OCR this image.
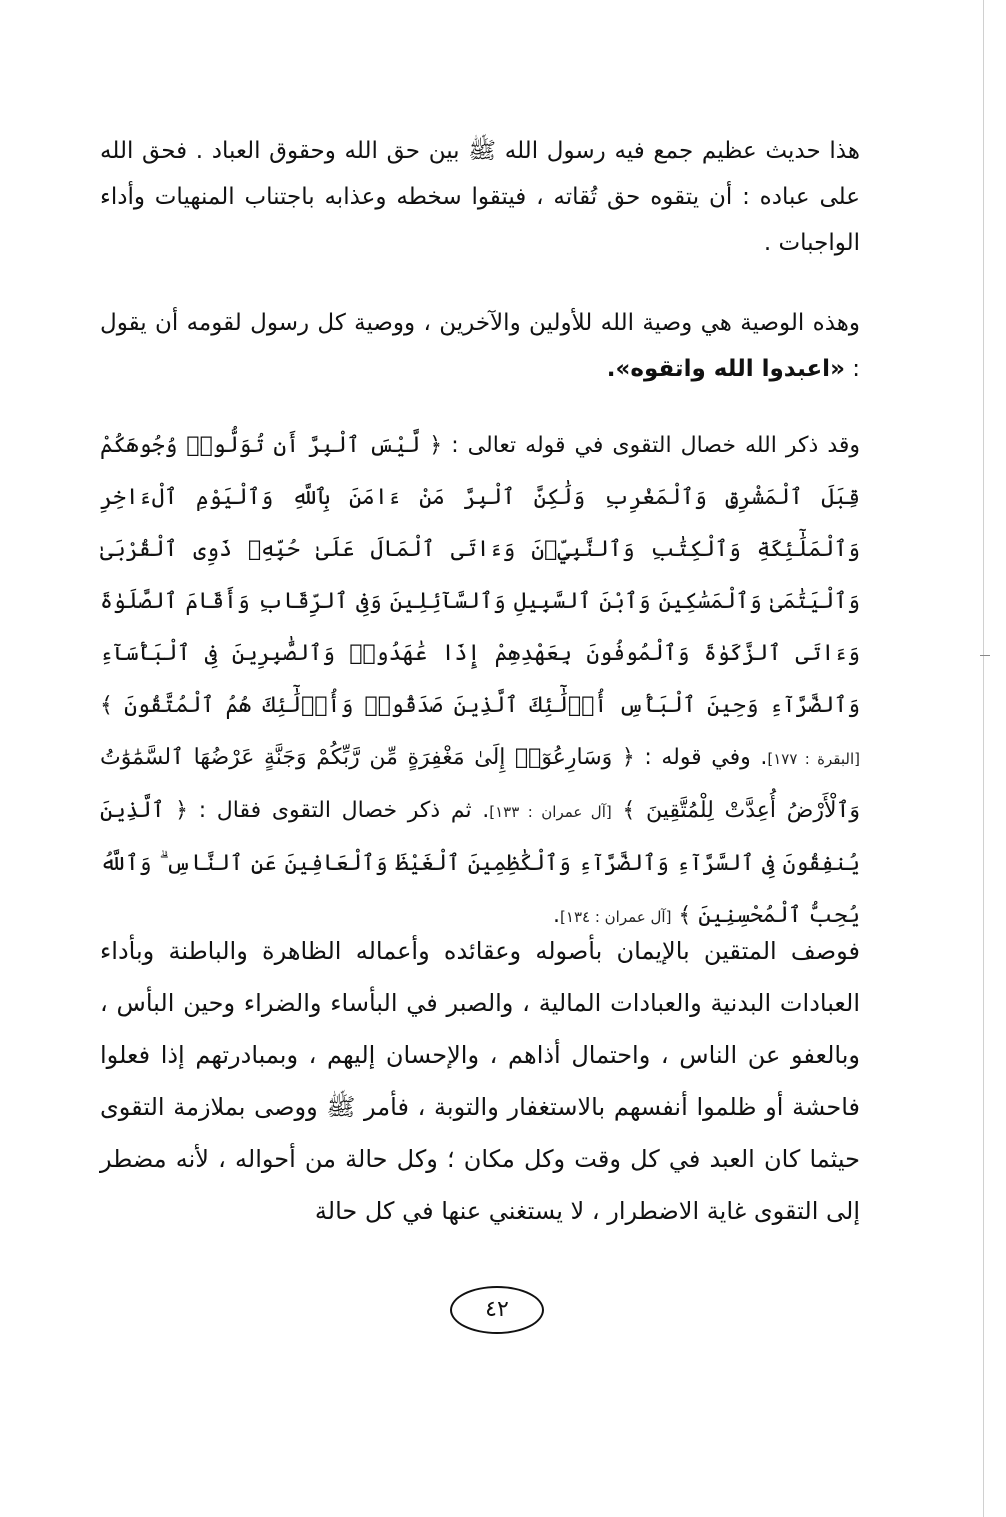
هذا حديث عظيم جمع فيه رسول الله ﷺ بين حق الله وحقوق العباد . فحق الله على عباده : أن يتقوه حق تُقاته ، فيتقوا سخطه وعذابه باجتناب المنهيات وأداء الواجبات .

وهذه الوصية هي وصية الله للأولين والآخرين ، ووصية كل رسول لقومه أن يقول : «اعبدوا الله واتقوه».

وقد ذكر الله خصال التقوى في قوله تعالى : ﴿ لَّيْسَ ٱلْبِرَّ أَن تُوَلُّوا۟ وُجُوهَكُمْ قِبَلَ ٱلْمَشْرِقِ وَٱلْمَغْرِبِ وَلَٰكِنَّ ٱلْبِرَّ مَنْ ءَامَنَ بِٱللَّهِ وَٱلْيَوْمِ ٱلْءَاخِرِ وَٱلْمَلَٰٓئِكَةِ وَٱلْكِتَٰبِ وَٱلنَّبِيِّۦنَ وَءَاتَى ٱلْمَالَ عَلَىٰ حُبِّهِۦ ذَوِى ٱلْقُرْبَىٰ وَٱلْيَتَٰمَىٰ وَٱلْمَسَٰكِينَ وَٱبْنَ ٱلسَّبِيلِ وَٱلسَّآئِلِينَ وَفِى ٱلرِّقَابِ وَأَقَامَ ٱلصَّلَوٰةَ وَءَاتَى ٱلزَّكَوٰةَ وَٱلْمُوفُونَ بِعَهْدِهِمْ إِذَا عَٰهَدُوا۟ وَٱلصَّٰبِرِينَ فِى ٱلْبَأْسَآءِ وَٱلضَّرَّآءِ وَحِينَ ٱلْبَأْسِ أُو۟لَٰٓئِكَ ٱلَّذِينَ صَدَقُوا۟ وَأُو۟لَٰٓئِكَ هُمُ ٱلْمُتَّقُونَ ﴾ [البقرة : ١٧٧]. وفي قوله : ﴿ وَسَارِعُوٓا۟ إِلَىٰ مَغْفِرَةٍ مِّن رَّبِّكُمْ وَجَنَّةٍ عَرْضُهَا ٱلسَّمَٰوَٰتُ وَٱلْأَرْضُ أُعِدَّتْ لِلْمُتَّقِينَ ﴾ [آل عمران : ١٣٣]. ثم ذكر خصال التقوى فقال : ﴿ ٱلَّذِينَ يُنفِقُونَ فِى ٱلسَّرَّآءِ وَٱلضَّرَّآءِ وَٱلْكَٰظِمِينَ ٱلْغَيْظَ وَٱلْعَافِينَ عَنِ ٱلنَّاسِ ۗ وَٱللَّهُ يُحِبُّ ٱلْمُحْسِنِينَ ﴾ [آل عمران : ١٣٤].

فوصف المتقين بالإيمان بأصوله وعقائده وأعماله الظاهرة والباطنة وبأداء العبادات البدنية والعبادات المالية ، والصبر في البأساء والضراء وحين البأس ، وبالعفو عن الناس ، واحتمال أذاهم ، والإحسان إليهم ، وبمبادرتهم إذا فعلوا فاحشة أو ظلموا أنفسهم بالاستغفار والتوبة ، فأمر ﷺ ووصى بملازمة التقوى حيثما كان العبد في كل وقت وكل مكان ؛ وكل حالة من أحواله ، لأنه مضطر إلى التقوى غاية الاضطرار ، لا يستغني عنها في كل حالة

٤٢
